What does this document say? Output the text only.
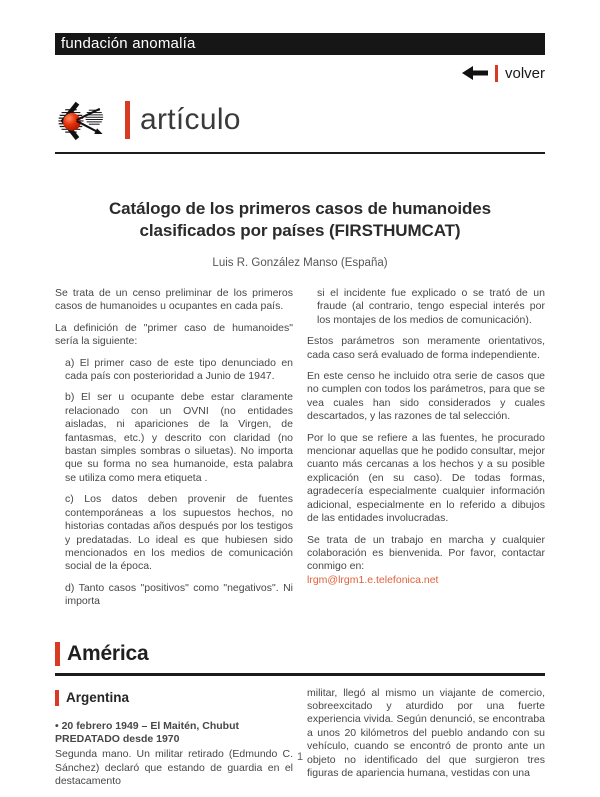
fundación anomalía
volver
artículo
Catálogo de los primeros casos de humanoides
clasificados por países (FIRSTHUMCAT)
Luis R. González Manso (España)

Se trata de un censo preliminar de los primeros casos de humanoides u ocupantes en cada país.

La definición de "primer caso de humanoides" sería la siguiente:

a) El primer caso de este tipo denunciado en cada país con posterioridad a Junio de 1947.

b) El ser u ocupante debe estar claramente relacionado con un OVNI (no entidades aisladas, ni apariciones de la Virgen, de fantasmas, etc.) y descrito con claridad (no bastan simples sombras o siluetas). No importa que su forma no sea humanoide, esta palabra se utiliza como mera etiqueta .

c) Los datos deben provenir de fuentes contemporáneas a los supuestos hechos, no historias contadas años después por los testigos y predatadas. Lo ideal es que hubiesen sido mencionados en los medios de comunicación social de la época.

d) Tanto casos "positivos" como "negativos". Ni importa

si el incidente fue explicado o se trató de un fraude (al contrario, tengo especial interés por los montajes de los medios de comunicación).

Estos parámetros son meramente orientativos, cada caso será evaluado de forma independiente.

En este censo he incluido otra serie de casos que no cumplen con todos los parámetros, para que se vea cuales han sido considerados y cuales descartados, y las razones de tal selección.

Por lo que se refiere a las fuentes, he procurado mencionar aquellas que he podido consultar, mejor cuanto más cercanas a los hechos y a su posible explicación (en su caso). De todas formas, agradecería especialmente cualquier información adicional, especialmente en lo referido a dibujos de las entidades involucradas.

Se trata de un trabajo en marcha y cualquier colaboración es bienvenida. Por favor, contactar conmigo en:
lrgm@lrgm1.e.telefonica.net

América
Argentina

• 20 febrero 1949 – El Maitén, Chubut
PREDATADO desde 1970

Segunda mano. Un militar retirado (Edmundo C. Sánchez) declaró que estando de guardia en el destacamento

militar, llegó al mismo un viajante de comercio, sobreexcitado y aturdido por una fuerte experiencia vivida. Según denunció, se encontraba a unos 20 kilómetros del pueblo andando con su vehículo, cuando se encontró de pronto ante un objeto no identificado del que surgieron tres figuras de apariencia humana, vestidas con una

1
